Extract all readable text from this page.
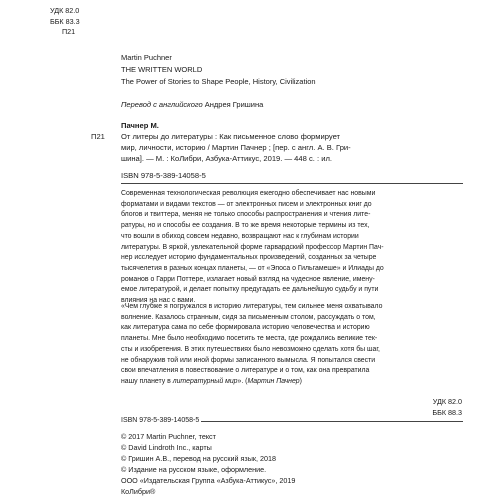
УДК 82.0
ББК 83.3
П21
Martin Puchner
THE WRITTEN WORLD
The Power of Stories to Shape People, History, Civilization
Перевод с английского Андрея Гришина
Пачнер М.
П21 От литеры до литературы : Как письменное слово формирует
мир, личности, историю / Мартин Пачнер ; [пер. с англ. А. В. Гри-
шина]. — М. : КоЛибри, Азбука-Аттикус, 2019. — 448 с. : ил.
ISBN 978-5-389-14058-5
Современная технологическая революция ежегодно обеспечивает нас новыми
форматами и видами текстов — от электронных писем и электронных книг до
блогов и твиттера, меняя не только способы распространения и чтения лите-
ратуры, но и способы ее создания. В то же время некоторые термины из тех,
что вошли в обиход совсем недавно, возвращают нас к глубинам истории
литературы. В яркой, увлекательной форме гарвардский профессор Мартин Пач-
нер исследует историю фундаментальных произведений, созданных за четыре
тысячелетия в разных концах планеты, — от «Эпоса о Гильгамеше» и Илиады до
романов о Гарри Поттере, излагает новый взгляд на чудесное явление, имену-
емое литературой, и делает попытку предугадать ее дальнейшую судьбу и пути
влияния на нас с вами.
«Чем глубже я погружался в историю литературы, тем сильнее меня охватывало
волнение. Казалось странным, сидя за письменным столом, рассуждать о том,
как литература сама по себе формировала историю человечества и историю
планеты. Мне было необходимо посетить те места, где рождались великие тек-
сты и изобретения. В этих путешествиях было невозможно сделать хотя бы шаг,
не обнаружив той или иной формы записанного вымысла. Я попытался свести
свои впечатления в повествование о литературе и о том, как она превратила
нашу планету в литературный мир». (Мартин Пачнер)
УДК 82.0
ББК 88.3
ISBN 978-5-389-14058-5
© 2017 Martin Puchner, текст
© David Lindroth Inc., карты
© Гришин А.В., перевод на русский язык, 2018
© Издание на русском языке, оформление.
ООО «Издательская Группа «Азбука-Аттикус», 2019
КоЛибри®
